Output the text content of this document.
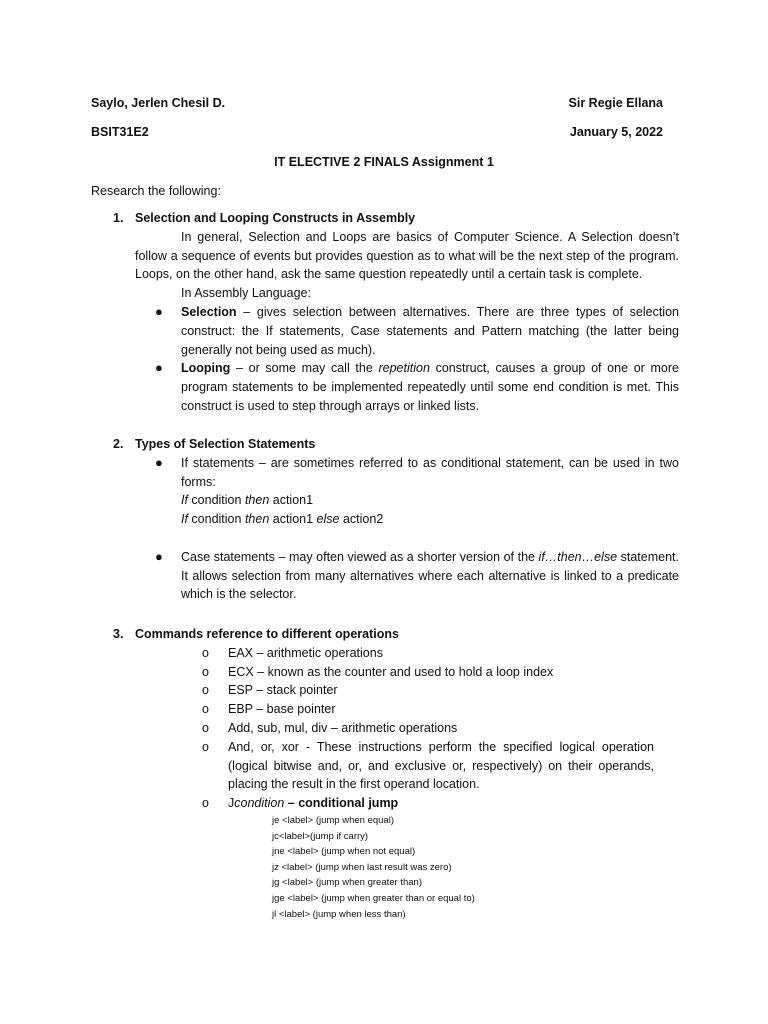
Saylo, Jerlen Chesil D.	Sir Regie Ellana
BSIT31E2	January 5, 2022
IT ELECTIVE 2 FINALS Assignment 1
Research the following:
1. Selection and Looping Constructs in Assembly
In general, Selection and Loops are basics of Computer Science. A Selection doesn’t follow a sequence of events but provides question as to what will be the next step of the program. Loops, on the other hand, ask the same question repeatedly until a certain task is complete.
In Assembly Language:
● Selection – gives selection between alternatives. There are three types of selection construct: the If statements, Case statements and Pattern matching (the latter being generally not being used as much).
● Looping – or some may call the repetition construct, causes a group of one or more program statements to be implemented repeatedly until some end condition is met. This construct is used to step through arrays or linked lists.
2. Types of Selection Statements
● If statements – are sometimes referred to as conditional statement, can be used in two forms:
If condition then action1
If condition then action1 else action2
● Case statements – may often viewed as a shorter version of the if…then…else statement. It allows selection from many alternatives where each alternative is linked to a predicate which is the selector.
3. Commands reference to different operations
o EAX – arithmetic operations
o ECX – known as the counter and used to hold a loop index
o ESP – stack pointer
o EBP – base pointer
o Add, sub, mul, div – arithmetic operations
o And, or, xor - These instructions perform the specified logical operation (logical bitwise and, or, and exclusive or, respectively) on their operands, placing the result in the first operand location.
o Jcondition – conditional jump
je <label> (jump when equal)
jc<label>(jump if carry)
jne <label> (jump when not equal)
jz <label> (jump when last result was zero)
jg <label> (jump when greater than)
jge <label> (jump when greater than or equal to)
jl <label> (jump when less than)
